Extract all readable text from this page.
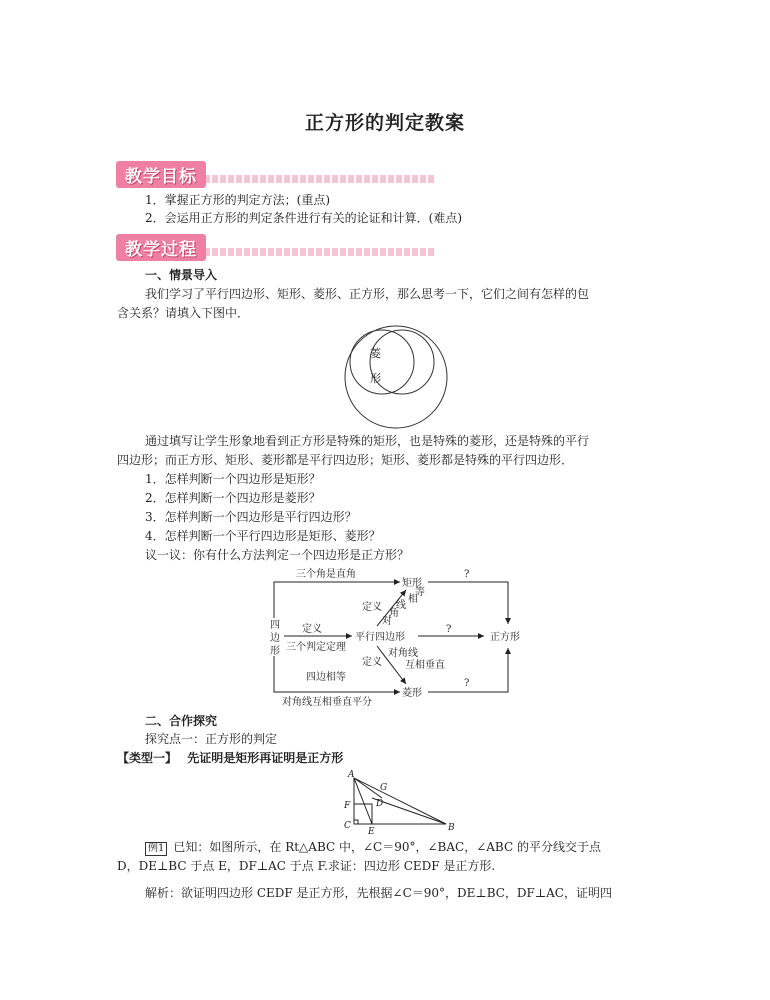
正方形的判定教案
教学目标
1．掌握正方形的判定方法；(重点)
2．会运用正方形的判定条件进行有关的论证和计算．(难点)
教学过程
一、情景导入
我们学习了平行四边形、矩形、菱形、正方形，那么思考一下，它们之间有怎样的包
含关系？请填入下图中．
菱
形
通过填写让学生形象地看到正方形是特殊的矩形，也是特殊的菱形，还是特殊的平行
四边形；而正方形、矩形、菱形都是平行四边形；矩形、菱形都是特殊的平行四边形．
1．怎样判断一个四边形是矩形？
2．怎样判断一个四边形是菱形？
3．怎样判断一个四边形是平行四边形？
4．怎样判断一个平行四边形是矩形、菱形？
议一议：你有什么方法判定一个四边形是正方形？
三个角是直角
矩形
?
定义
对
角
线
相
等
四
边
形
定义
平行四边形
?
正方形
三个判定定理
对角线
定义 互相垂直
四边相等
菱形
?
对角线互相垂直平分
二、合作探究
探究点一：正方形的判定
【类型一】 先证明是矩形再证明是正方形
A
B
C
D
E
F
G
例1 已知：如图所示，在 Rt△ABC 中，∠C＝90°，∠BAC，∠ABC 的平分线交于点
D，DE⊥BC 于点 E，DF⊥AC 于点 F.求证：四边形 CEDF 是正方形.
解析：欲证明四边形 CEDF 是正方形，先根据∠C＝90°，DE⊥BC，DF⊥AC，证明四
